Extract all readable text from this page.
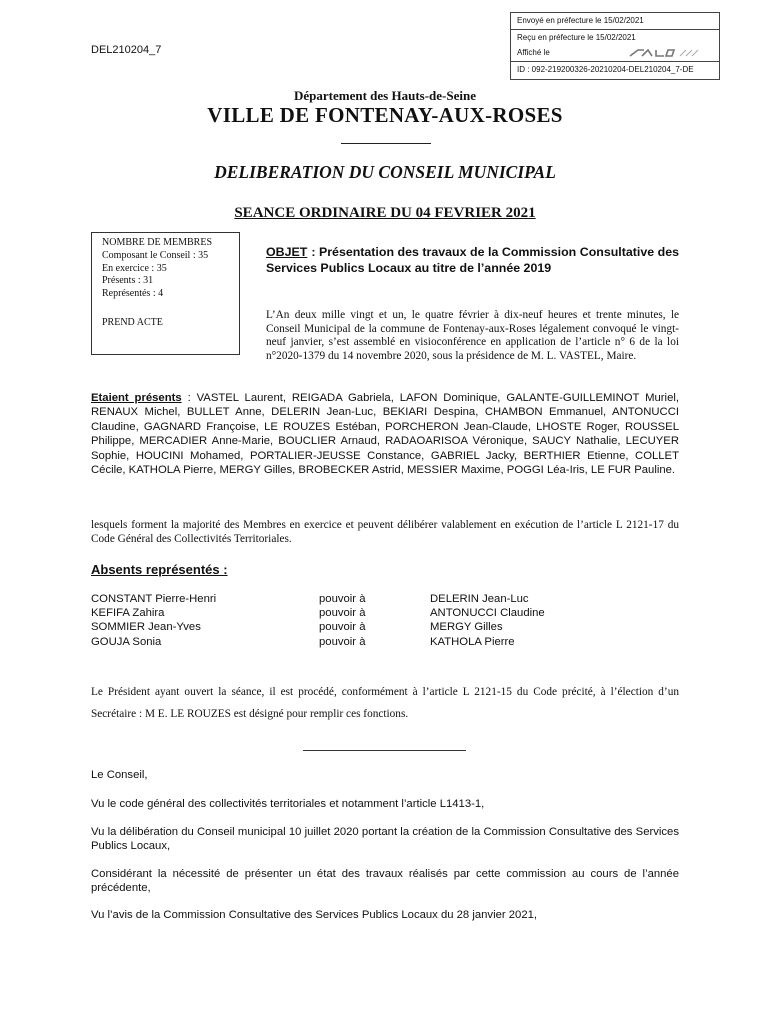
Envoyé en préfecture le 15/02/2021
Reçu en préfecture le 15/02/2021
Affiché le
ID : 092-219200326-20210204-DEL210204_7-DE
DEL210204_7
Département des Hauts-de-Seine
VILLE DE FONTENAY-AUX-ROSES
DELIBERATION DU CONSEIL MUNICIPAL
SEANCE ORDINAIRE DU 04 FEVRIER 2021
NOMBRE DE MEMBRES
Composant le Conseil : 35
En exercice : 35
Présents : 31
Représentés : 4
PREND ACTE
OBJET : Présentation des travaux de la Commission Consultative des Services Publics Locaux au titre de l’année 2019
L’An deux mille vingt et un, le quatre février à dix-neuf heures et trente minutes, le Conseil Municipal de la commune de Fontenay-aux-Roses légalement convoqué le vingt-neuf janvier, s’est assemblé en visioconférence en application de l’article n° 6 de la loi n°2020-1379 du 14 novembre 2020, sous la présidence de M. L. VASTEL, Maire.
Etaient présents : VASTEL Laurent, REIGADA Gabriela, LAFON Dominique, GALANTE-GUILLEMINOT Muriel, RENAUX Michel, BULLET Anne, DELERIN Jean-Luc, BEKIARI Despina, CHAMBON Emmanuel, ANTONUCCI Claudine, GAGNARD Françoise, LE ROUZES Estéban, PORCHERON Jean-Claude, LHOSTE Roger, ROUSSEL Philippe, MERCADIER Anne-Marie, BOUCLIER Arnaud, RADAOARISOA Véronique, SAUCY Nathalie, LECUYER Sophie, HOUCINI Mohamed, PORTALIER-JEUSSE Constance, GABRIEL Jacky, BERTHIER Etienne, COLLET Cécile, KATHOLA Pierre, MERGY Gilles, BROBECKER Astrid, MESSIER Maxime, POGGI Léa-Iris, LE FUR Pauline.
lesquels forment la majorité des Membres en exercice et peuvent délibérer valablement en exécution de l’article L 2121-17 du Code Général des Collectivités Territoriales.
Absents représentés :
CONSTANT Pierre-Henri	pouvoir à	DELERIN Jean-Luc
KEFIFA Zahira	pouvoir à	ANTONUCCI Claudine
SOMMIER Jean-Yves	pouvoir à	MERGY Gilles
GOUJA Sonia	pouvoir à	KATHOLA Pierre
Le Président ayant ouvert la séance, il est procédé, conformément à l’article L 2121-15 du Code précité, à l’élection d’un Secrétaire : M E. LE ROUZES est désigné pour remplir ces fonctions.
Le Conseil,
Vu le code général des collectivités territoriales et notamment l’article L1413-1,
Vu la délibération du Conseil municipal 10 juillet 2020 portant la création de la Commission Consultative des Services Publics Locaux,
Considérant la nécessité de présenter un état des travaux réalisés par cette commission au cours de l’année précédente,
Vu l’avis de la Commission Consultative des Services Publics Locaux du 28 janvier 2021,
